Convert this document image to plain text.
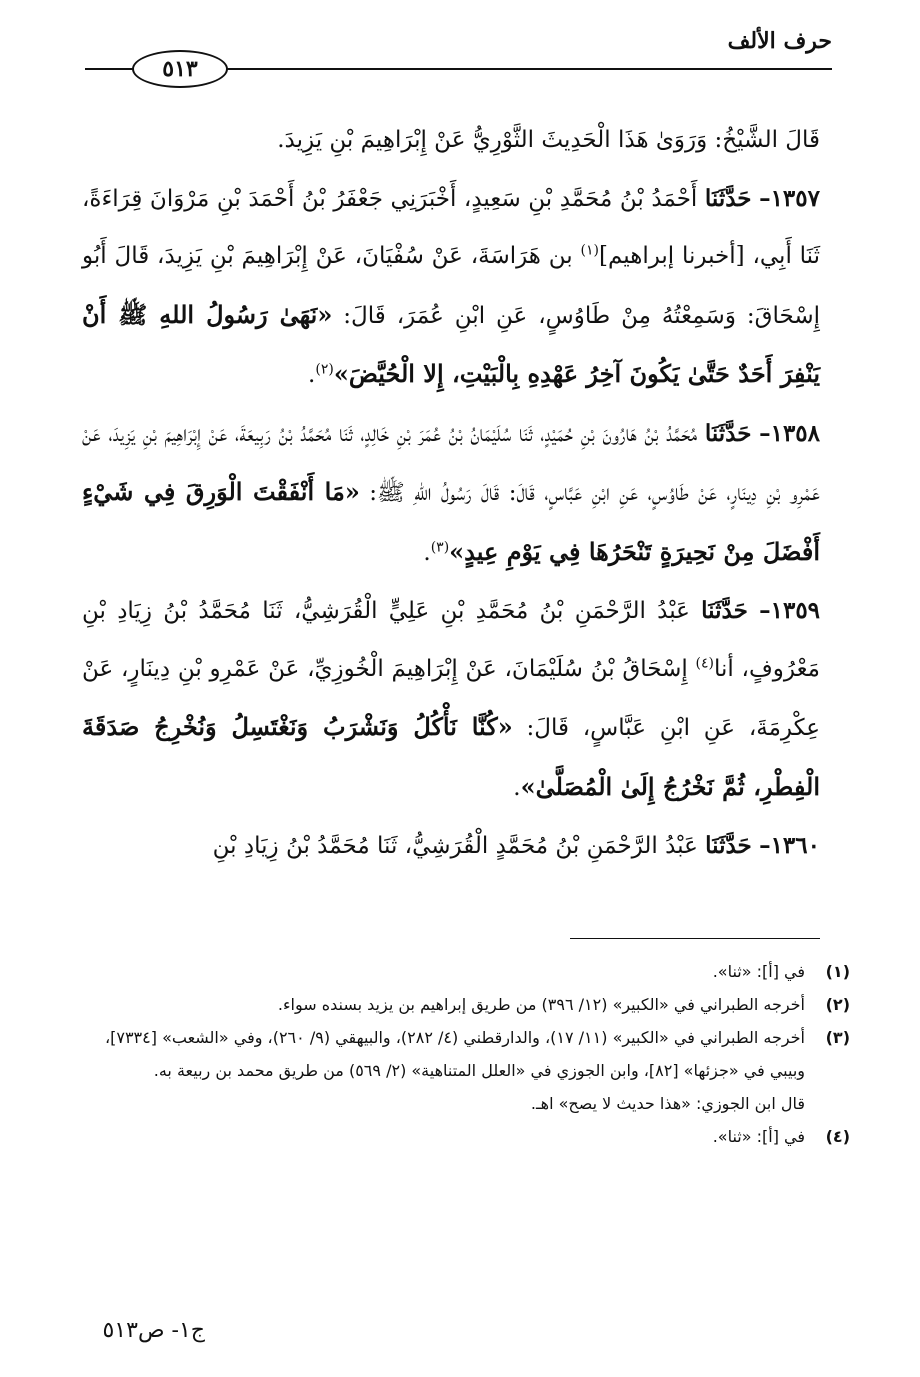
حرف الألف
٥١٣

قَالَ الشَّيْخُ: وَرَوَىٰ هَذَا الْحَدِيثَ الثَّوْرِيُّ عَنْ إِبْرَاهِيمَ بْنِ يَزِيدَ.

١٣٥٧– حَدَّثَنَا أَحْمَدُ بْنُ مُحَمَّدِ بْنِ سَعِيدٍ، أَخْبَرَنِي جَعْفَرُ بْنُ أَحْمَدَ بْنِ مَرْوَانَ قِرَاءَةً، ثَنَا أَبِي، [أخبرنا إبراهيم]$^{(١)}$ بن هَرَاسَةَ، عَنْ سُفْيَانَ، عَنْ إِبْرَاهِيمَ بْنِ يَزِيدَ، قَالَ أَبُو إِسْحَاقَ: وَسَمِعْتُهُ مِنْ طَاوُسٍ، عَنِ ابْنِ عُمَرَ، قَالَ: «نَهَىٰ رَسُولُ اللهِ ﷺ أَنْ يَنْفِرَ أَحَدٌ حَتَّىٰ يَكُونَ آخِرُ عَهْدِهِ بِالْبَيْتِ، إِلا الْحُيَّضَ»$^{(٢)}$.

١٣٥٨– حَدَّثَنَا مُحَمَّدُ بْنُ هَارُونَ بْنِ حُمَيْدٍ، ثَنَا سُلَيْمَانُ بْنُ عُمَرَ بْنِ خَالِدٍ، ثَنَا مُحَمَّدُ بْنُ رَبِيعَةَ، عَنْ إِبْرَاهِيمَ بْنِ يَزِيدَ، عَنْ عَمْرِو بْنِ دِينَارٍ، عَنْ طَاوُسٍ، عَنِ ابْنِ عَبَّاسٍ، قَالَ: قَالَ رَسُولُ اللهِ ﷺ: «مَا أَنْفَقْتَ الْوَرِقَ فِي شَيْءٍ أَفْضَلَ مِنْ نَحِيرَةٍ تَنْحَرُهَا فِي يَوْمِ عِيدٍ»$^{(٣)}$.

١٣٥٩– حَدَّثَنَا عَبْدُ الرَّحْمَنِ بْنُ مُحَمَّدِ بْنِ عَلِيٍّ الْقُرَشِيُّ، ثَنَا مُحَمَّدُ بْنُ زِيَادِ بْنِ مَعْرُوفٍ، أنا$^{(٤)}$ إِسْحَاقُ بْنُ سُلَيْمَانَ، عَنْ إِبْرَاهِيمَ الْخُوزِيِّ، عَنْ عَمْرِو بْنِ دِينَارٍ، عَنْ عِكْرِمَةَ، عَنِ ابْنِ عَبَّاسٍ، قَالَ: «كُنَّا نَأْكُلُ وَنَشْرَبُ وَنَغْتَسِلُ وَنُخْرِجُ صَدَقَةَ الْفِطْرِ، ثُمَّ نَخْرُجُ إِلَىٰ الْمُصَلَّىٰ».

١٣٦٠– حَدَّثَنَا عَبْدُ الرَّحْمَنِ بْنُ مُحَمَّدٍ الْقُرَشِيُّ، ثَنَا مُحَمَّدُ بْنُ زِيَادِ بْنِ

(١)
في [أ]: «ثنا».
(٢)
أخرجه الطبراني في «الكبير» (١٢/ ٣٩٦) من طريق إبراهيم بن يزيد بسنده سواء.
(٣)
أخرجه الطبراني في «الكبير» (١١/ ١٧)، والدارقطني (٤/ ٢٨٢)، والبيهقي (٩/ ٢٦٠)، وفي «الشعب» [٧٣٣٤]، وبيبي في «جزئها» [٨٢]، وابن الجوزي في «العلل المتناهية» (٢/ ٥٦٩) من طريق محمد بن ربيعة به.

قال ابن الجوزي: «هذا حديث لا يصح» اهـ.

(٤)
في [أ]: «ثنا».
ج١- ص٥١٣
